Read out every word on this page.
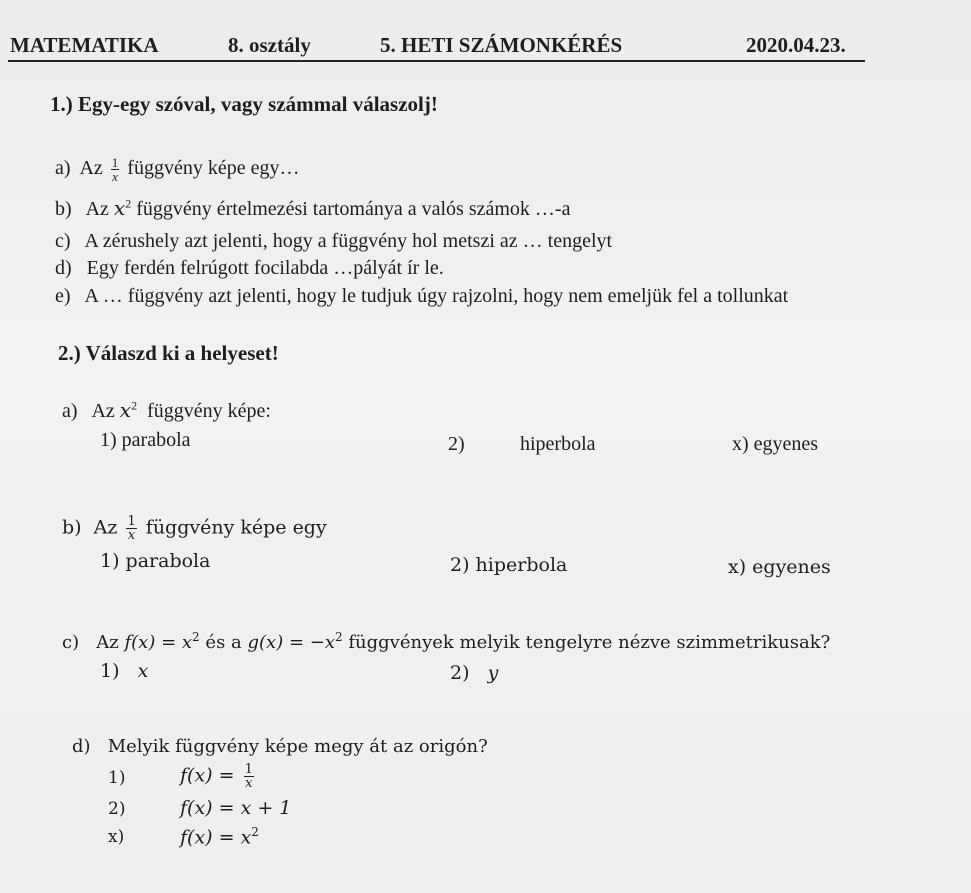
MATEMATIKA	8. osztály	5. HETI SZÁMONKÉRÉS	2020.04.23.
1.) Egy-egy szóval, vagy számmal válaszolj!
a) Az $\frac{1}{x}$ függvény képe egy…
b) Az $x^2$ függvény értelmezési tartománya a valós számok …-a
c) A zérushely azt jelenti, hogy a függvény hol metszi az … tengelyt
d) Egy ferdén felrúgott focilabda …pályát ír le.
e) A … függvény azt jelenti, hogy le tudjuk úgy rajzolni, hogy nem emeljük fel a tollunkat
2.) Válaszd ki a helyeset!
a) Az $x^2$ függvény képe:
1) parabola	2)	hiperbola	x) egyenes
b) Az $\frac{1}{x}$ függvény képe egy
1) parabola	2) hiperbola	x) egyenes
c) Az $f(x) = x^2$ és a $g(x) = -x^2$ függvények melyik tengelyre nézve szimmetrikusak?
1) x	2) y
d) Melyik függvény képe megy át az origón?
1)	$f(x) = \frac{1}{x}$
2)	f(x) = x + 1
x)	$f(x) = x^2$
